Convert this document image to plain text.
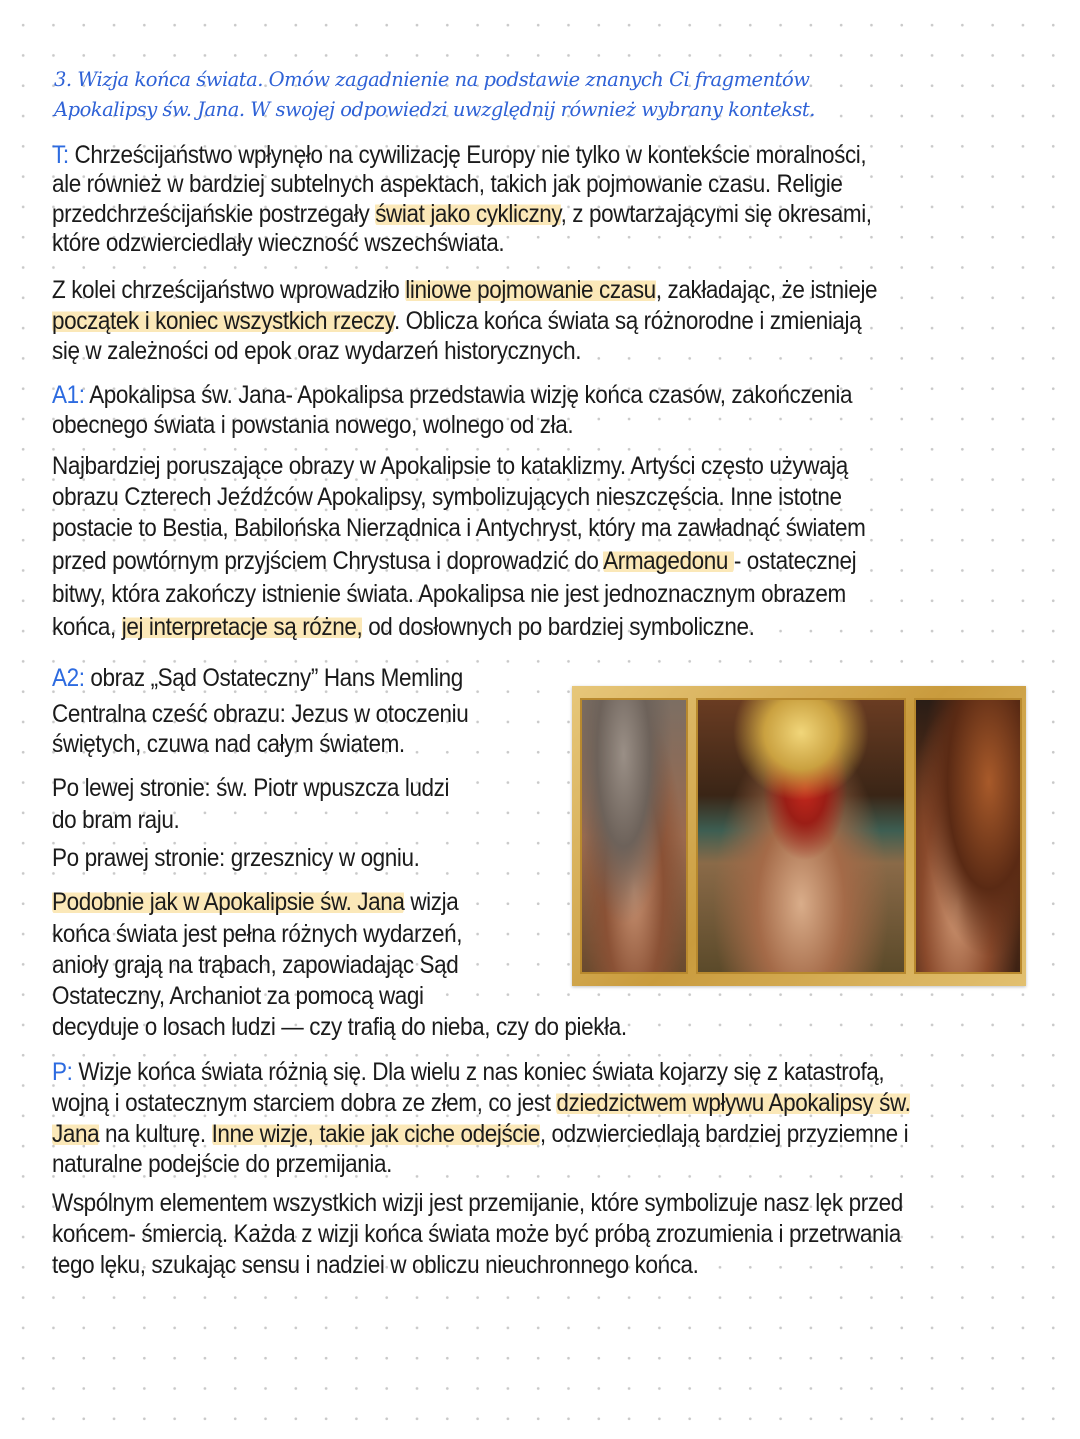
3. Wizja końca świata. Omów zagadnienie na podstawie znanych Ci fragmentów
Apokalipsy św. Jana. W swojej odpowiedzi uwzględnij również wybrany kontekst.
T: Chrześcijaństwo wpłynęło na cywilizację Europy nie tylko w kontekście moralności,
ale również w bardziej subtelnych aspektach, takich jak pojmowanie czasu. Religie
przedchrześcijańskie postrzegały świat jako cykliczny, z powtarzającymi się okresami,
które odzwierciedlały wieczność wszechświata.
Z kolei chrześcijaństwo wprowadziło liniowe pojmowanie czasu, zakładając, że istnieje
początek i koniec wszystkich rzeczy. Oblicza końca świata są różnorodne i zmieniają
się w zależności od epok oraz wydarzeń historycznych.
A1: Apokalipsa św. Jana- Apokalipsa przedstawia wizję końca czasów, zakończenia
obecnego świata i powstania nowego, wolnego od zła.
Najbardziej poruszające obrazy w Apokalipsie to kataklizmy. Artyści często używają
obrazu Czterech Jeźdźców Apokalipsy, symbolizujących nieszczęścia. Inne istotne
postacie to Bestia, Babilońska Nierządnica i Antychryst, który ma zawładnąć światem
przed powtórnym przyjściem Chrystusa i doprowadzić do Armagedonu - ostatecznej
bitwy, która zakończy istnienie świata. Apokalipsa nie jest jednoznacznym obrazem
końca, jej interpretacje są różne, od dosłownych po bardziej symboliczne.
A2: obraz „Sąd Ostateczny” Hans Memling
Centralna cześć obrazu: Jezus w otoczeniu
świętych, czuwa nad całym światem.
Po lewej stronie: św. Piotr wpuszcza ludzi
do bram raju.
Po prawej stronie: grzesznicy w ogniu.
Podobnie jak w Apokalipsie św. Jana wizja
końca świata jest pełna różnych wydarzeń,
anioły grają na trąbach, zapowiadając Sąd
Ostateczny, Archaniot za pomocą wagi
decyduje o losach ludzi — czy trafią do nieba, czy do piekła.
P: Wizje końca świata różnią się. Dla wielu z nas koniec świata kojarzy się z katastrofą,
wojną i ostatecznym starciem dobra ze złem, co jest dziedzictwem wpływu Apokalipsy św.
Jana na kulturę. Inne wizje, takie jak ciche odejście, odzwierciedlają bardziej przyziemne i
naturalne podejście do przemijania.
Wspólnym elementem wszystkich wizji jest przemijanie, które symbolizuje nasz lęk przed
końcem- śmiercią. Każda z wizji końca świata może być próbą zrozumienia i przetrwania
tego lęku, szukając sensu i nadziei w obliczu nieuchronnego końca.
